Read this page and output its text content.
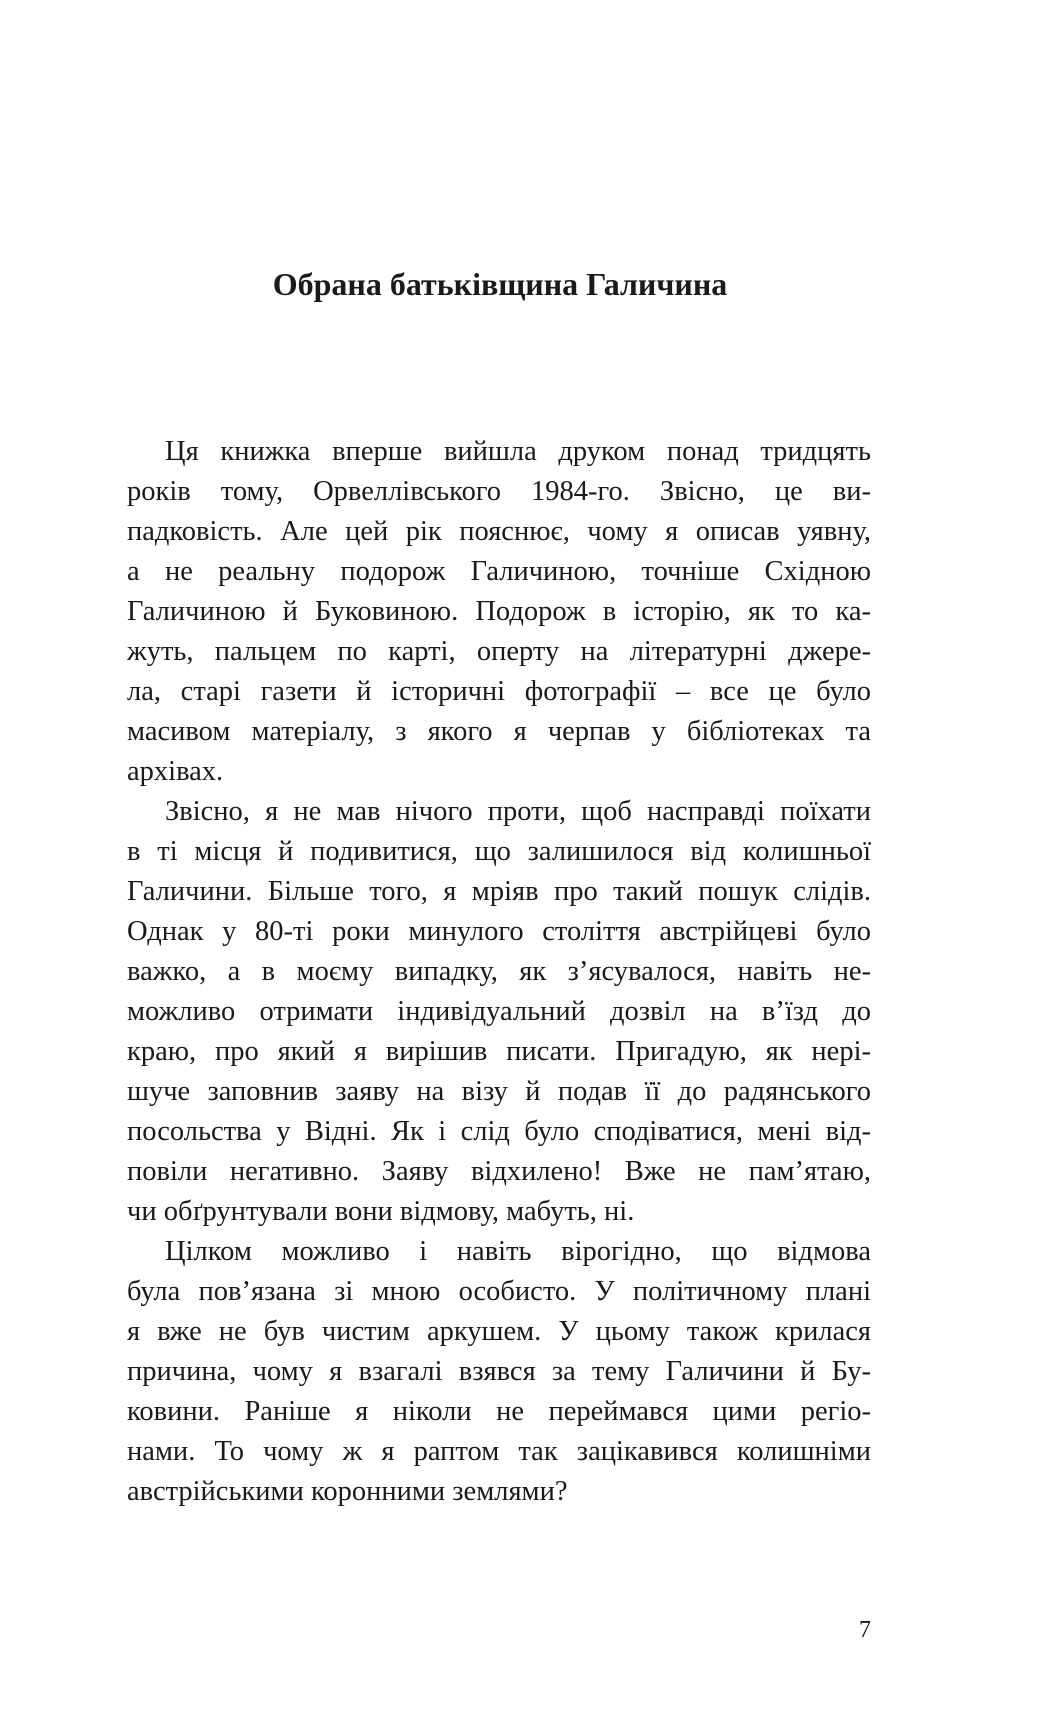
Обрана батьківщина Галичина
Ця книжка вперше вийшла друком понад тридцять
років тому, Орвеллівського 1984-го. Звісно, це ви-
падковість. Але цей рік пояснює, чому я описав уявну,
а не реальну подорож Галичиною, точніше Східною
Галичиною й Буковиною. Подорож в історію, як то ка-
жуть, пальцем по карті, оперту на літературні джере-
ла, старі газети й історичні фотографії – все це було
масивом матеріалу, з якого я черпав у бібліотеках та
архівах.
Звісно, я не мав нічого проти, щоб насправді поїхати
в ті місця й подивитися, що залишилося від колишньої
Галичини. Більше того, я мріяв про такий пошук слідів.
Однак у 80-ті роки минулого століття австрійцеві було
важко, а в моєму випадку, як з’ясувалося, навіть не-
можливо отримати індивідуальний дозвіл на в’їзд до
краю, про який я вирішив писати. Пригадую, як нерi-
шуче заповнив заяву на візу й подав її до радянського
посольства у Відні. Як і слід було сподіватися, мені від-
повіли негативно. Заяву відхилено! Вже не пам’ятаю,
чи обґрунтували вони відмову, мабуть, ні.
Цілком можливо і навіть вірогідно, що відмова
була пов’язана зі мною особисто. У політичному плані
я вже не був чистим аркушем. У цьому також крилася
причина, чому я взагалі взявся за тему Галичини й Бу-
ковини. Раніше я ніколи не переймався цими регіо-
нами. То чому ж я раптом так зацікавився колишніми
австрійськими коронними землями?

7
